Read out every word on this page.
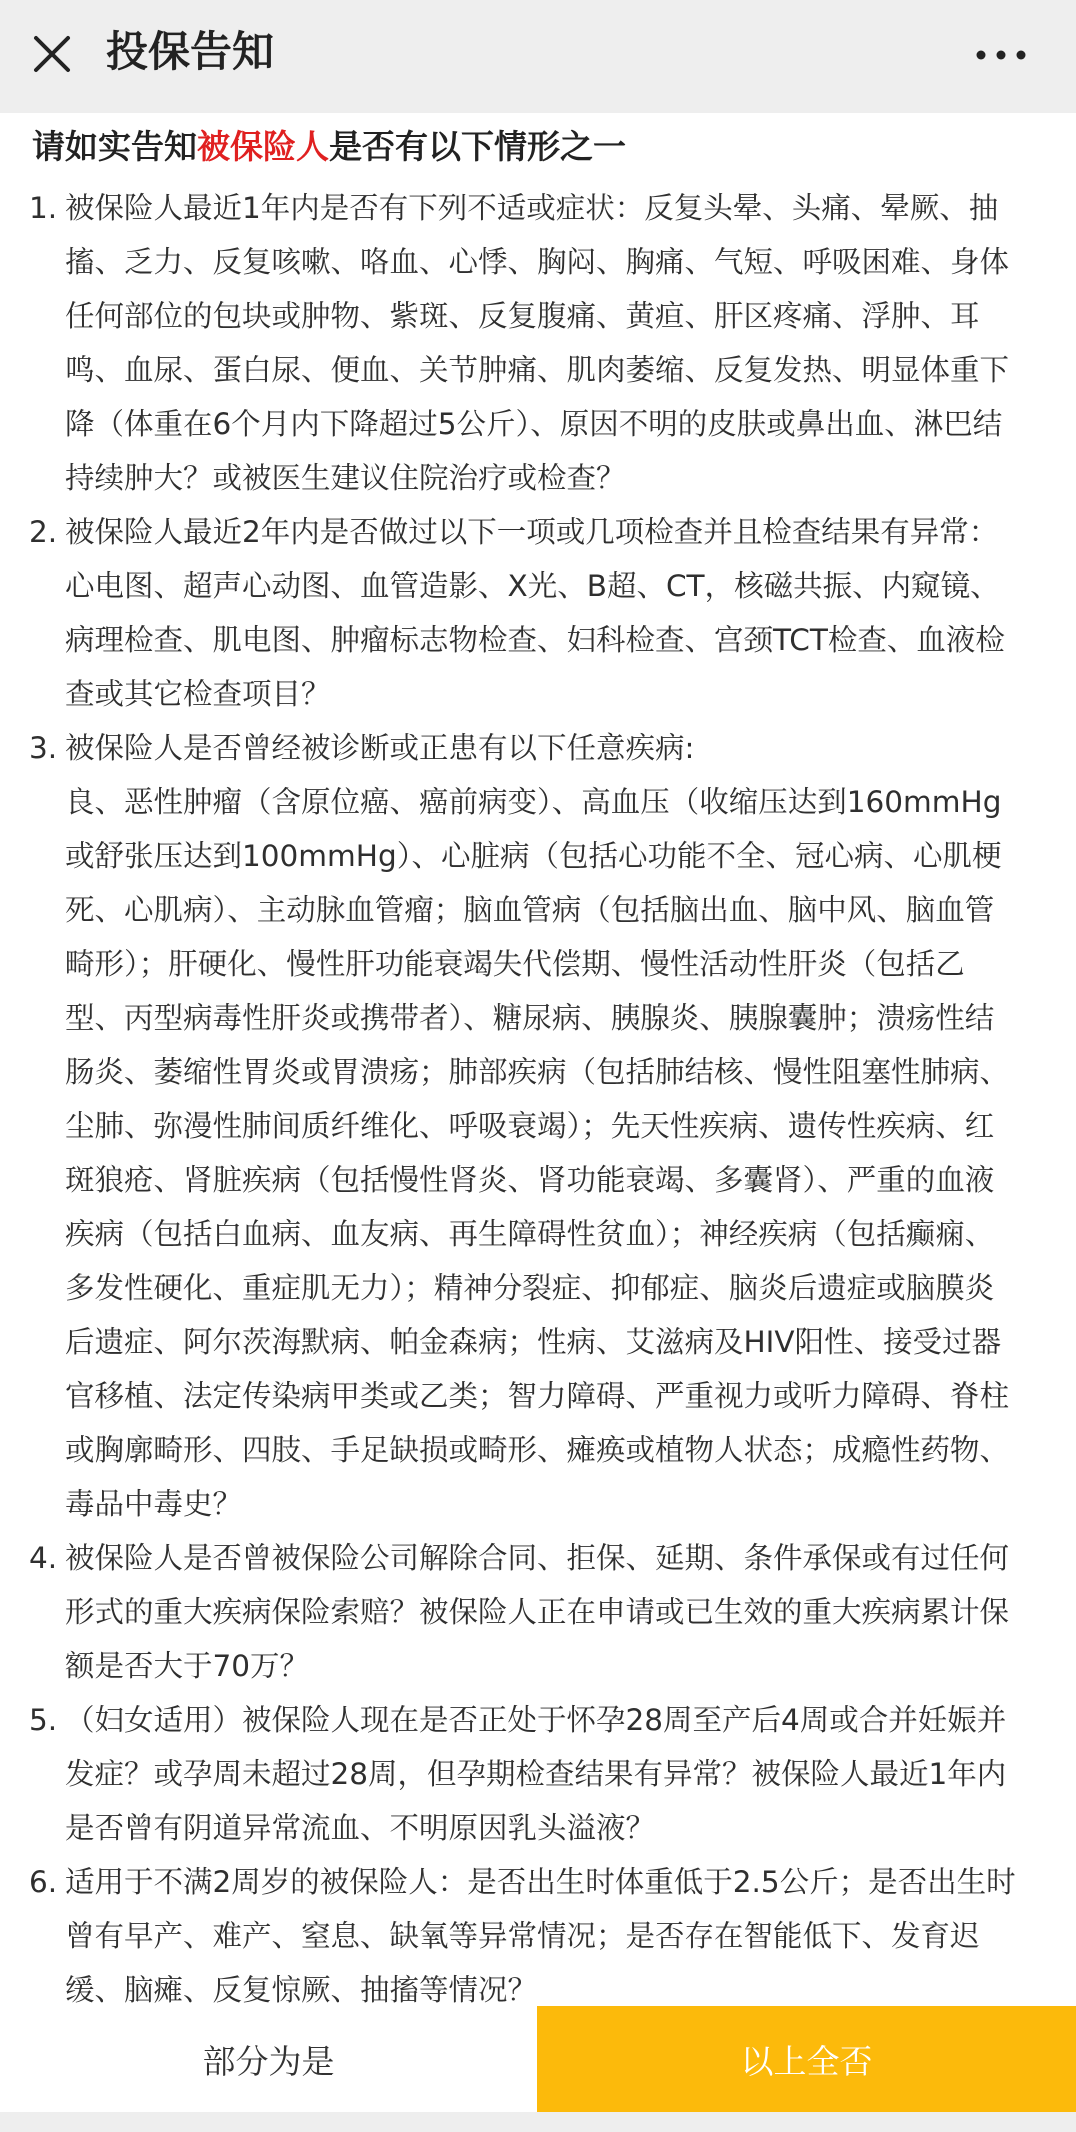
投保告知
请如实告知被保险人是否有以下情形之一
1. 被保险人最近1年内是否有下列不适或症状：反复头晕、头痛、晕厥、抽
搐、乏力、反复咳嗽、咯血、心悸、胸闷、胸痛、气短、呼吸困难、身体
任何部位的包块或肿物、紫斑、反复腹痛、黄疸、肝区疼痛、浮肿、耳
鸣、血尿、蛋白尿、便血、关节肿痛、肌肉萎缩、反复发热、明显体重下
降（体重在6个月内下降超过5公斤）、原因不明的皮肤或鼻出血、淋巴结
持续肿大？或被医生建议住院治疗或检查？
2. 被保险人最近2年内是否做过以下一项或几项检查并且检查结果有异常：
心电图、超声心动图、血管造影、X光、B超、CT，核磁共振、内窥镜、
病理检查、肌电图、肿瘤标志物检查、妇科检查、宫颈TCT检查、血液检
查或其它检查项目？
3. 被保险人是否曾经被诊断或正患有以下任意疾病:
良、恶性肿瘤（含原位癌、癌前病变）、高血压（收缩压达到160mmHg
或舒张压达到100mmHg）、心脏病（包括心功能不全、冠心病、心肌梗
死、心肌病）、主动脉血管瘤；脑血管病（包括脑出血、脑中风、脑血管
畸形）；肝硬化、慢性肝功能衰竭失代偿期、慢性活动性肝炎（包括乙
型、丙型病毒性肝炎或携带者）、糖尿病、胰腺炎、胰腺囊肿；溃疡性结
肠炎、萎缩性胃炎或胃溃疡；肺部疾病（包括肺结核、慢性阻塞性肺病、
尘肺、弥漫性肺间质纤维化、呼吸衰竭）；先天性疾病、遗传性疾病、红
斑狼疮、肾脏疾病（包括慢性肾炎、肾功能衰竭、多囊肾）、严重的血液
疾病（包括白血病、血友病、再生障碍性贫血）；神经疾病（包括癫痫、
多发性硬化、重症肌无力）；精神分裂症、抑郁症、脑炎后遗症或脑膜炎
后遗症、阿尔茨海默病、帕金森病；性病、艾滋病及HIV阳性、接受过器
官移植、法定传染病甲类或乙类；智力障碍、严重视力或听力障碍、脊柱
或胸廓畸形、四肢、手足缺损或畸形、瘫痪或植物人状态；成瘾性药物、
毒品中毒史？
4. 被保险人是否曾被保险公司解除合同、拒保、延期、条件承保或有过任何
形式的重大疾病保险索赔？被保险人正在申请或已生效的重大疾病累计保
额是否大于70万？
5. （妇女适用）被保险人现在是否正处于怀孕28周至产后4周或合并妊娠并
发症？或孕周未超过28周，但孕期检查结果有异常？被保险人最近1年内
是否曾有阴道异常流血、不明原因乳头溢液？
6. 适用于不满2周岁的被保险人：是否出生时体重低于2.5公斤；是否出生时
曾有早产、难产、窒息、缺氧等异常情况；是否存在智能低下、发育迟
缓、脑瘫、反复惊厥、抽搐等情况？
部分为是	以上全否
